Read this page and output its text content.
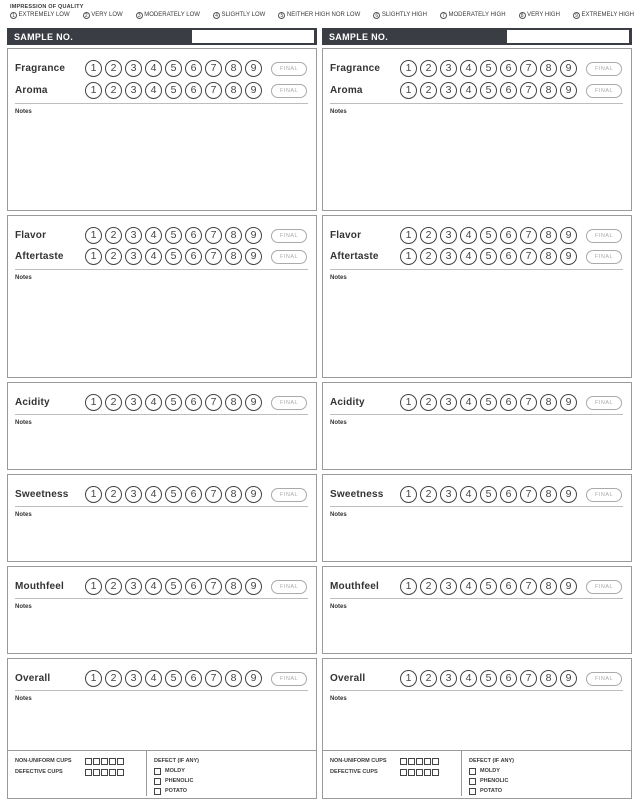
IMPRESSION OF QUALITY
1 EXTREMELY LOW	2 VERY LOW	3 MODERATELY LOW	4 SLIGHTLY LOW	5 NEITHER HIGH NOR LOW	6 SLIGHTLY HIGH	7 MODERATELY HIGH	8 VERY HIGH	9 EXTREMELY HIGH
SAMPLE NO.
Fragrance	1	2	3	4	5	6	7	8	9	FINAL
Aroma	1	2	3	4	5	6	7	8	9	FINAL
Notes
Flavor	1	2	3	4	5	6	7	8	9	FINAL
Aftertaste	1	2	3	4	5	6	7	8	9	FINAL
Notes
Acidity	1	2	3	4	5	6	7	8	9	FINAL
Notes
Sweetness	1	2	3	4	5	6	7	8	9	FINAL
Notes
Mouthfeel	1	2	3	4	5	6	7	8	9	FINAL
Notes
Overall	1	2	3	4	5	6	7	8	9	FINAL
Notes
NON-UNIFORM CUPS
DEFECTIVE CUPS
DEFECT (IF ANY)
MOLDY
PHENOLIC
POTATO
SAMPLE NO.
Fragrance	1	2	3	4	5	6	7	8	9	FINAL
Aroma	1	2	3	4	5	6	7	8	9	FINAL
Notes
Flavor	1	2	3	4	5	6	7	8	9	FINAL
Aftertaste	1	2	3	4	5	6	7	8	9	FINAL
Notes
Acidity	1	2	3	4	5	6	7	8	9	FINAL
Notes
Sweetness	1	2	3	4	5	6	7	8	9	FINAL
Notes
Mouthfeel	1	2	3	4	5	6	7	8	9	FINAL
Notes
Overall	1	2	3	4	5	6	7	8	9	FINAL
Notes
NON-UNIFORM CUPS
DEFECTIVE CUPS
DEFECT (IF ANY)
MOLDY
PHENOLIC
POTATO
